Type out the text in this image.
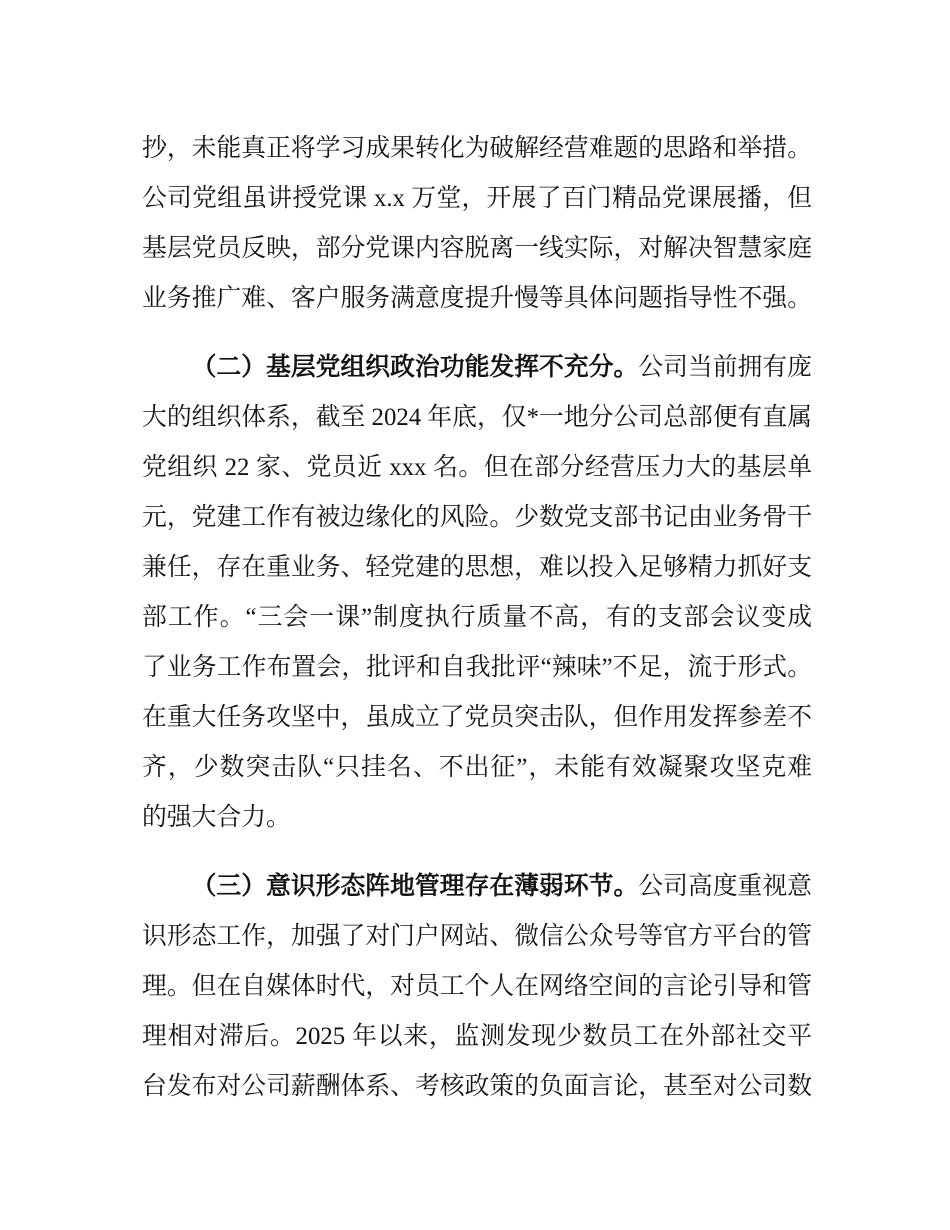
抄，未能真正将学习成果转化为破解经营难题的思路和举措。
公司党组虽讲授党课 x.x 万堂，开展了百门精品党课展播，但
基层党员反映，部分党课内容脱离一线实际，对解决智慧家庭
业务推广难、客户服务满意度提升慢等具体问题指导性不强。
（二）基层党组织政治功能发挥不充分。公司当前拥有庞
大的组织体系，截至 2024 年底，仅*一地分公司总部便有直属
党组织 22 家、党员近 xxx 名。但在部分经营压力大的基层单
元，党建工作有被边缘化的风险。少数党支部书记由业务骨干
兼任，存在重业务、轻党建的思想，难以投入足够精力抓好支
部工作。“三会一课”制度执行质量不高，有的支部会议变成
了业务工作布置会，批评和自我批评“辣味”不足，流于形式。
在重大任务攻坚中，虽成立了党员突击队，但作用发挥参差不
齐，少数突击队“只挂名、不出征”，未能有效凝聚攻坚克难
的强大合力。
（三）意识形态阵地管理存在薄弱环节。公司高度重视意
识形态工作，加强了对门户网站、微信公众号等官方平台的管
理。但在自媒体时代，对员工个人在网络空间的言论引导和管
理相对滞后。2025 年以来，监测发现少数员工在外部社交平
台发布对公司薪酬体系、考核政策的负面言论，甚至对公司数
